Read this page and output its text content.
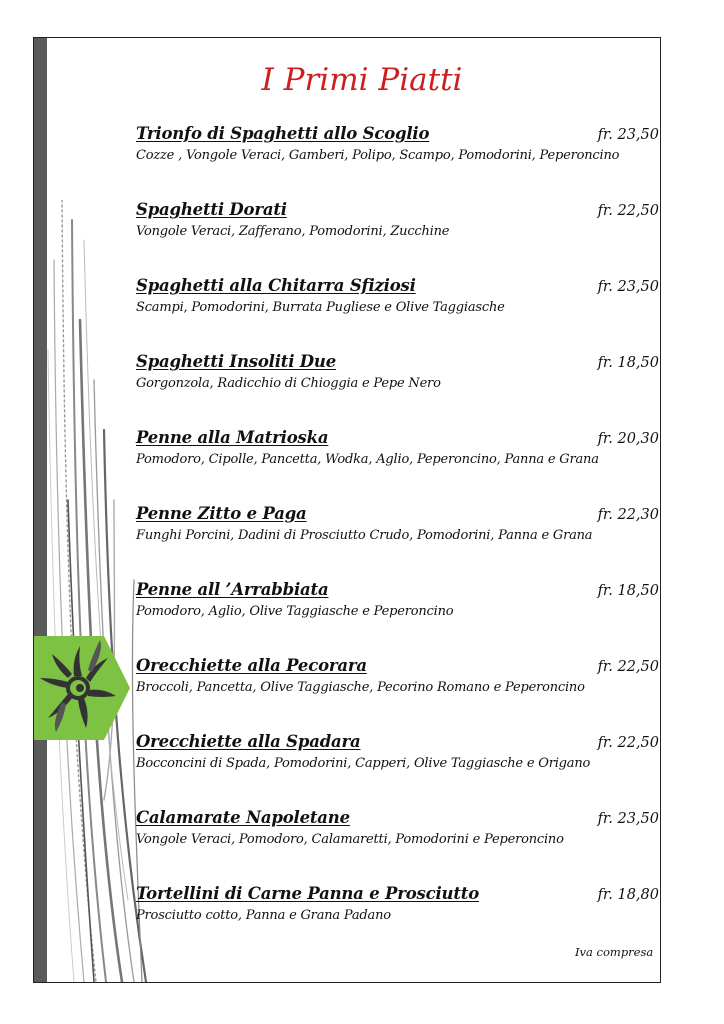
I Primi Piatti
Trionfo di Spaghetti allo Scoglio	fr. 23,50
Cozze , Vongole Veraci, Gamberi, Polipo, Scampo, Pomodorini, Peperoncino
Spaghetti Dorati	fr. 22,50
Vongole Veraci, Zafferano, Pomodorini, Zucchine
Spaghetti alla Chitarra Sfiziosi	fr. 23,50
Scampi, Pomodorini, Burrata Pugliese e Olive Taggiasche
Spaghetti Insoliti Due	fr. 18,50
Gorgonzola, Radicchio di Chioggia e Pepe Nero
Penne alla Matrioska	fr. 20,30
Pomodoro, Cipolle, Pancetta, Wodka, Aglio, Peperoncino, Panna e Grana
Penne Zitto e Paga	fr. 22,30
Funghi Porcini, Dadini di Prosciutto Crudo, Pomodorini, Panna e Grana
Penne all ’Arrabbiata	fr. 18,50
Pomodoro, Aglio, Olive Taggiasche e Peperoncino
Orecchiette alla Pecorara	fr. 22,50
Broccoli, Pancetta, Olive Taggiasche, Pecorino Romano e Peperoncino
Orecchiette alla Spadara	fr. 22,50
Bocconcini di Spada, Pomodorini, Capperi, Olive Taggiasche e Origano
Calamarate Napoletane	fr. 23,50
Vongole Veraci, Pomodoro, Calamaretti, Pomodorini e Peperoncino
Tortellini di Carne Panna e Prosciutto	fr. 18,80
Prosciutto cotto, Panna e Grana Padano
Iva compresa
